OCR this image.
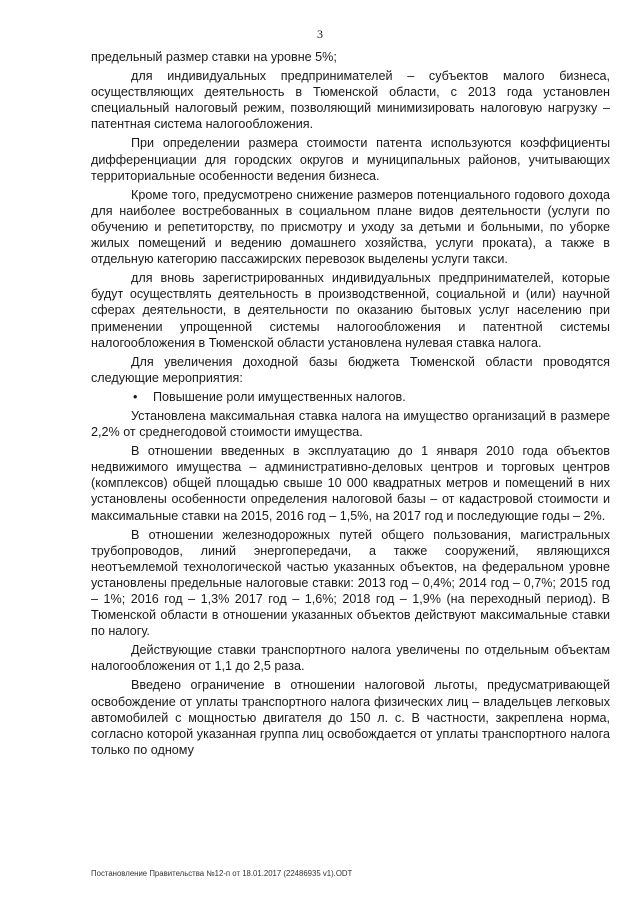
3

предельный размер ставки на уровне 5%;

для индивидуальных предпринимателей – субъектов малого бизнеса, осуществляющих деятельность в Тюменской области, с 2013 года установлен специальный налоговый режим, позволяющий минимизировать налоговую нагрузку – патентная система налогообложения.

При определении размера стоимости патента используются коэффициенты дифференциации для городских округов и муниципальных районов, учитывающих территориальные особенности ведения бизнеса.

Кроме того, предусмотрено снижение размеров потенциального годового дохода для наиболее востребованных в социальном плане видов деятельности (услуги по обучению и репетиторству, по присмотру и уходу за детьми и больными, по уборке жилых помещений и ведению домашнего хозяйства, услуги проката), а также в отдельную категорию пассажирских перевозок выделены услуги такси.

для вновь зарегистрированных индивидуальных предпринимателей, которые будут осуществлять деятельность в производственной, социальной и (или) научной сферах деятельности, в деятельности по оказанию бытовых услуг населению при применении упрощенной системы налогообложения и патентной системы налогообложения в Тюменской области установлена нулевая ставка налога.

Для увеличения доходной базы бюджета Тюменской области проводятся следующие мероприятия:

•	Повышение роли имущественных налогов.

Установлена максимальная ставка налога на имущество организаций в размере 2,2% от среднегодовой стоимости имущества.

В отношении введенных в эксплуатацию до 1 января 2010 года объектов недвижимого имущества – административно-деловых центров и торговых центров (комплексов) общей площадью свыше 10 000 квадратных метров и помещений в них установлены особенности определения налоговой базы – от кадастровой стоимости и максимальные ставки на 2015, 2016 год – 1,5%, на 2017 год и последующие годы – 2%.

В отношении железнодорожных путей общего пользования, магистральных трубопроводов, линий энергопередачи, а также сооружений, являющихся неотъемлемой технологической частью указанных объектов, на федеральном уровне установлены предельные налоговые ставки: 2013 год – 0,4%; 2014 год – 0,7%; 2015 год – 1%; 2016 год – 1,3% 2017 год – 1,6%; 2018 год – 1,9% (на переходный период). В Тюменской области в отношении указанных объектов действуют максимальные ставки по налогу.

Действующие ставки транспортного налога увеличены по отдельным объектам налогообложения от 1,1 до 2,5 раза.

Введено ограничение в отношении налоговой льготы, предусматривающей освобождение от уплаты транспортного налога физических лиц – владельцев легковых автомобилей с мощностью двигателя до 150 л. с. В частности, закреплена норма, согласно которой указанная группа лиц освобождается от уплаты транспортного налога только по одному

Постановление Правительства №12-п от 18.01.2017 (22486935 v1).ODT
